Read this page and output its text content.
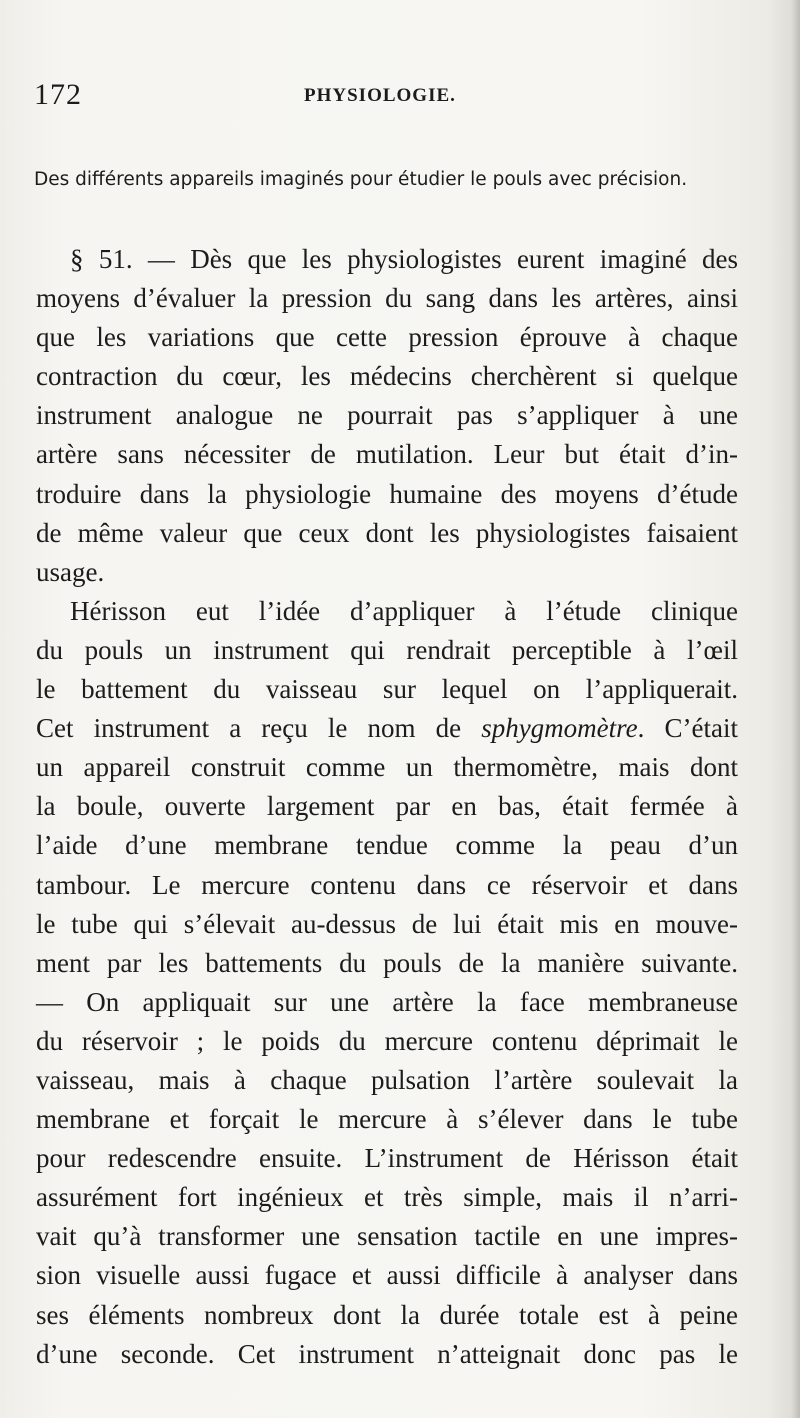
172	PHYSIOLOGIE.
Des différents appareils imaginés pour étudier le pouls avec précision.
§ 51. — Dès que les physiologistes eurent imaginé des
moyens d’évaluer la pression du sang dans les artères, ainsi
que les variations que cette pression éprouve à chaque
contraction du cœur, les médecins cherchèrent si quelque
instrument analogue ne pourrait pas s’appliquer à une
artère sans nécessiter de mutilation. Leur but était d’in-
troduire dans la physiologie humaine des moyens d’étude
de même valeur que ceux dont les physiologistes faisaient
usage.
Hérisson eut l’idée d’appliquer à l’étude clinique
du pouls un instrument qui rendrait perceptible à l’œil
le battement du vaisseau sur lequel on l’appliquerait.
Cet instrument a reçu le nom de sphygmomètre. C’était
un appareil construit comme un thermomètre, mais dont
la boule, ouverte largement par en bas, était fermée à
l’aide d’une membrane tendue comme la peau d’un
tambour. Le mercure contenu dans ce réservoir et dans
le tube qui s’élevait au-dessus de lui était mis en mouve-
ment par les battements du pouls de la manière suivante.
— On appliquait sur une artère la face membraneuse
du réservoir ; le poids du mercure contenu déprimait le
vaisseau, mais à chaque pulsation l’artère soulevait la
membrane et forçait le mercure à s’élever dans le tube
pour redescendre ensuite. L’instrument de Hérisson était
assurément fort ingénieux et très simple, mais il n’arri-
vait qu’à transformer une sensation tactile en une impres-
sion visuelle aussi fugace et aussi difficile à analyser dans
ses éléments nombreux dont la durée totale est à peine
d’une seconde. Cet instrument n’atteignait donc pas le
